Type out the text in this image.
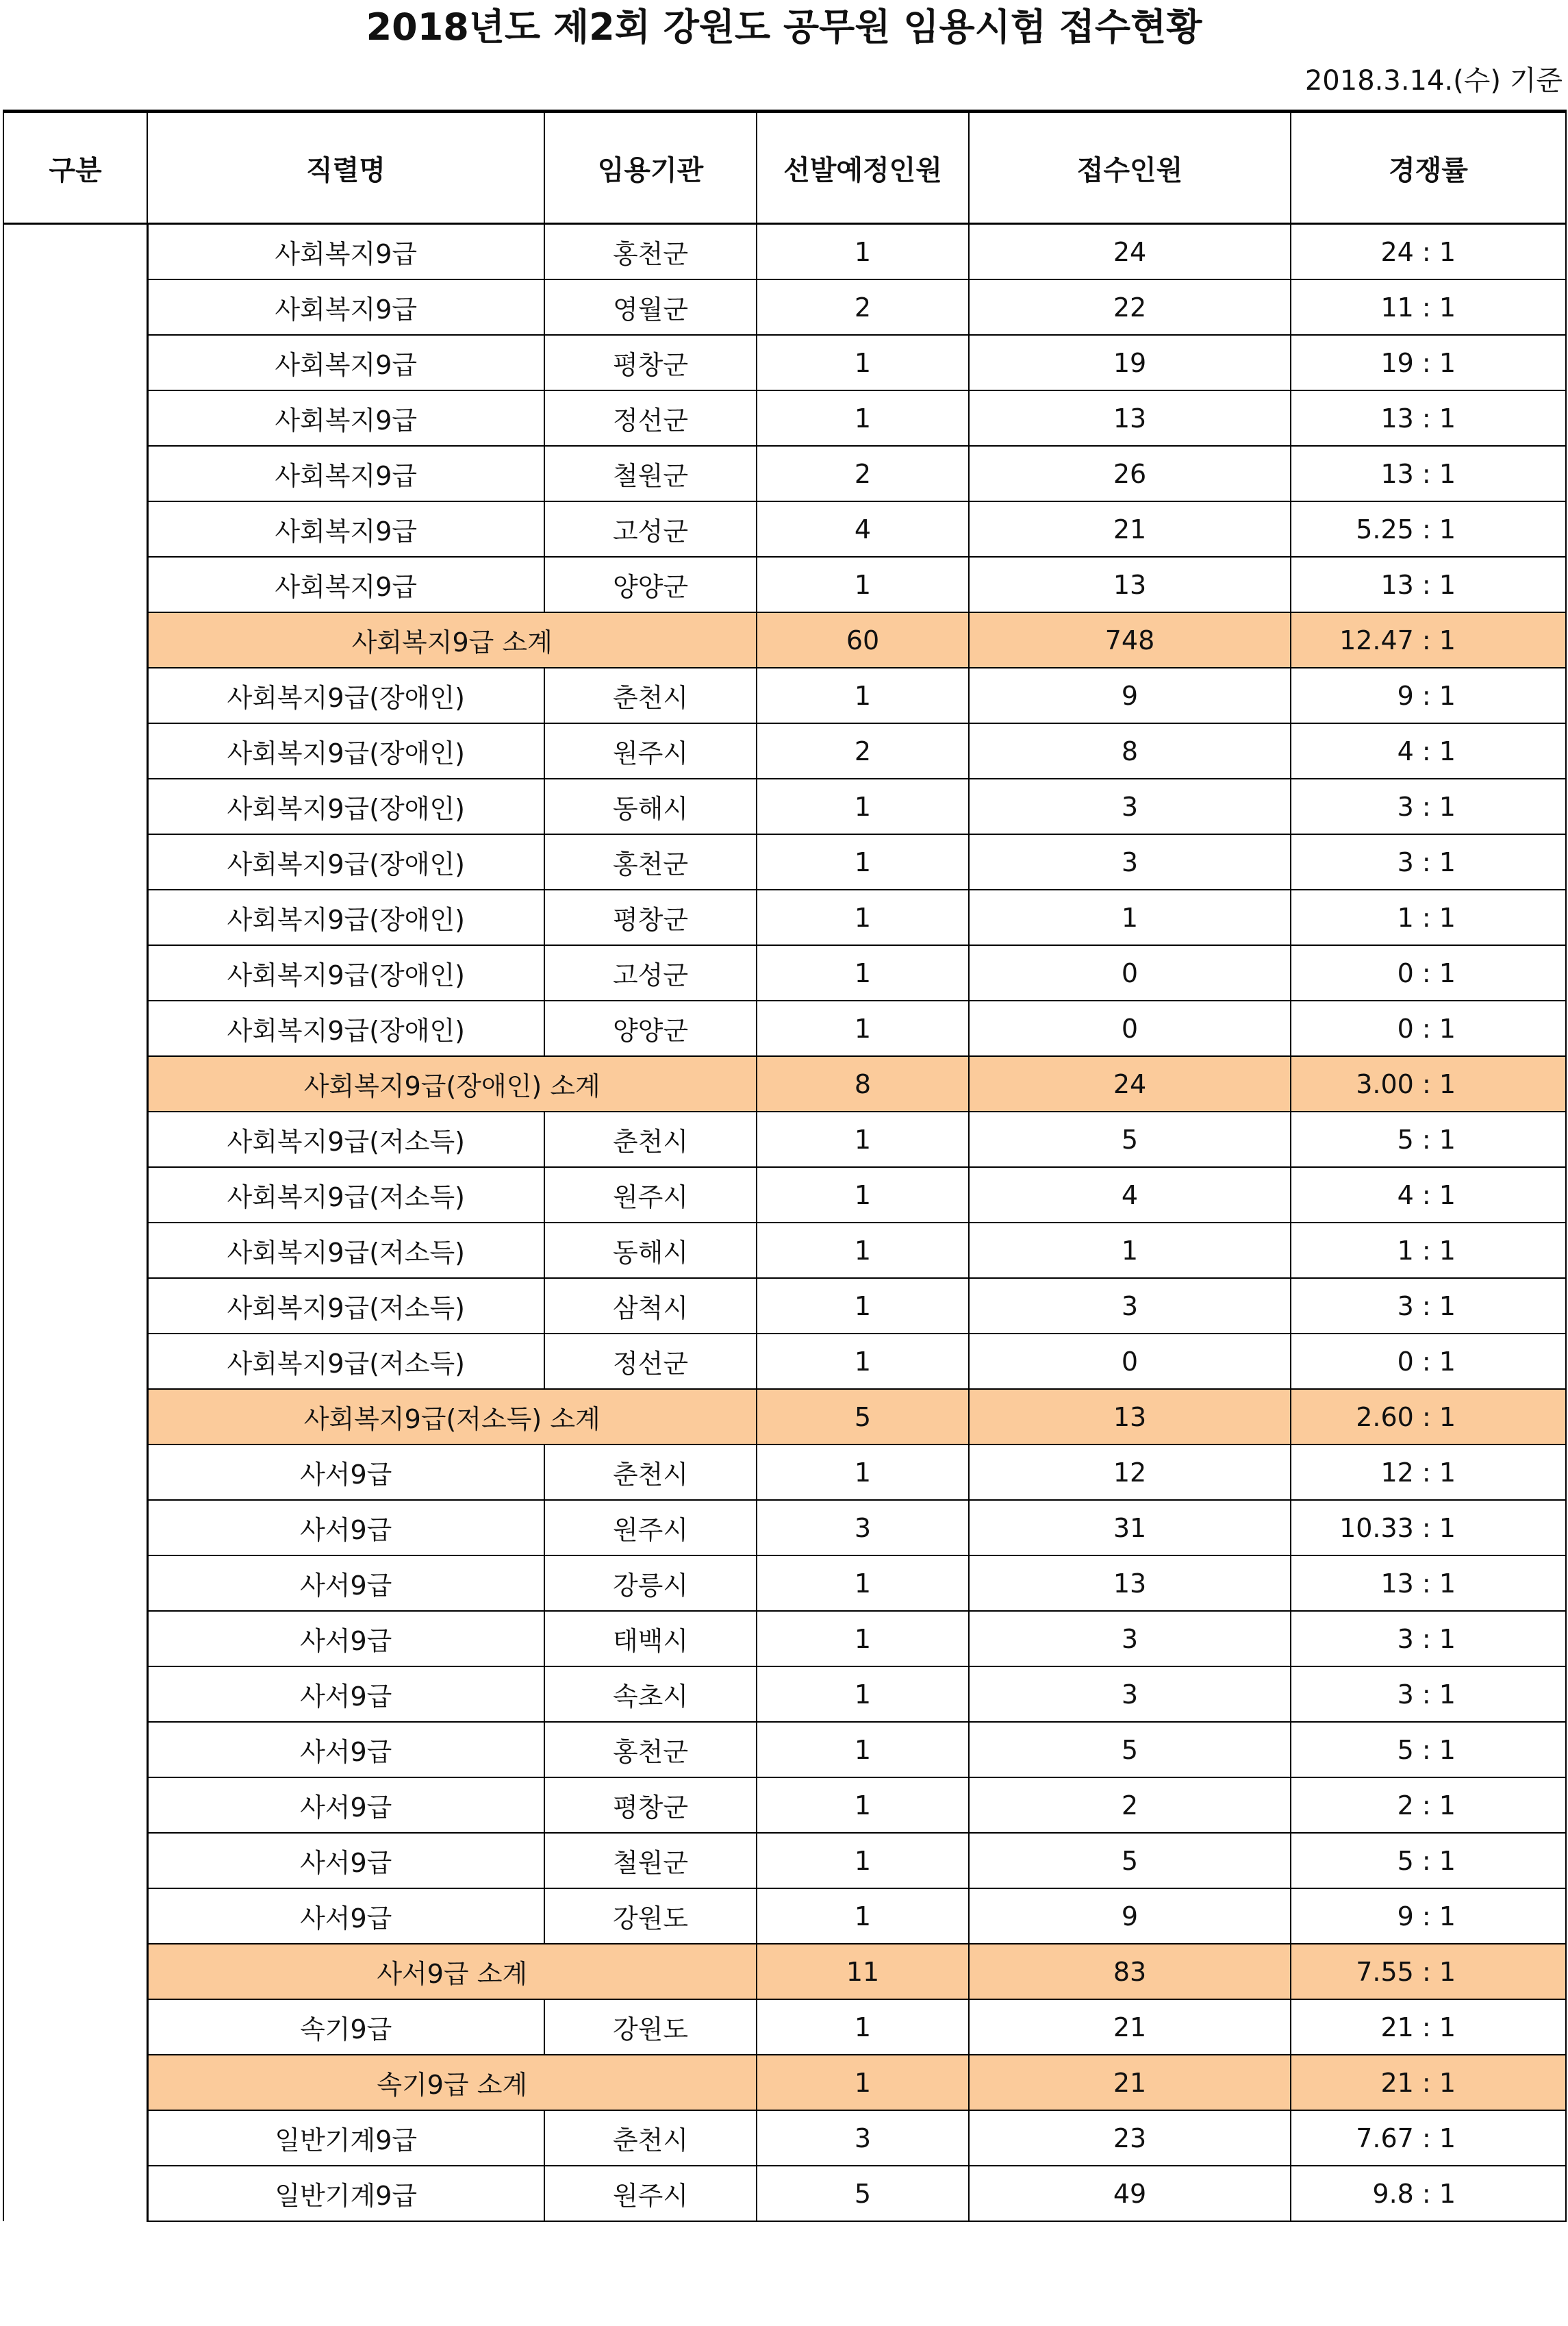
2018년도 제2회 강원도 공무원 임용시험 접수현황
2018.3.14.(수) 기준
구분	직렬명	임용기관	선발예정인원	접수인원	경쟁률
	사회복지9급	홍천군	1	24	24 : 1
	사회복지9급	영월군	2	22	11 : 1
	사회복지9급	평창군	1	19	19 : 1
	사회복지9급	정선군	1	13	13 : 1
	사회복지9급	철원군	2	26	13 : 1
	사회복지9급	고성군	4	21	5.25 : 1
	사회복지9급	양양군	1	13	13 : 1
	사회복지9급 소계		60	748	12.47 : 1
	사회복지9급(장애인)	춘천시	1	9	9 : 1
	사회복지9급(장애인)	원주시	2	8	4 : 1
	사회복지9급(장애인)	동해시	1	3	3 : 1
	사회복지9급(장애인)	홍천군	1	3	3 : 1
	사회복지9급(장애인)	평창군	1	1	1 : 1
	사회복지9급(장애인)	고성군	1	0	0 : 1
	사회복지9급(장애인)	양양군	1	0	0 : 1
	사회복지9급(장애인) 소계		8	24	3.00 : 1
	사회복지9급(저소득)	춘천시	1	5	5 : 1
	사회복지9급(저소득)	원주시	1	4	4 : 1
	사회복지9급(저소득)	동해시	1	1	1 : 1
	사회복지9급(저소득)	삼척시	1	3	3 : 1
	사회복지9급(저소득)	정선군	1	0	0 : 1
	사회복지9급(저소득) 소계		5	13	2.60 : 1
	사서9급	춘천시	1	12	12 : 1
	사서9급	원주시	3	31	10.33 : 1
	사서9급	강릉시	1	13	13 : 1
	사서9급	태백시	1	3	3 : 1
	사서9급	속초시	1	3	3 : 1
	사서9급	홍천군	1	5	5 : 1
	사서9급	평창군	1	2	2 : 1
	사서9급	철원군	1	5	5 : 1
	사서9급	강원도	1	9	9 : 1
	사서9급 소계		11	83	7.55 : 1
	속기9급	강원도	1	21	21 : 1
	속기9급 소계		1	21	21 : 1
	일반기계9급	춘천시	3	23	7.67 : 1
	일반기계9급	원주시	5	49	9.8 : 1
